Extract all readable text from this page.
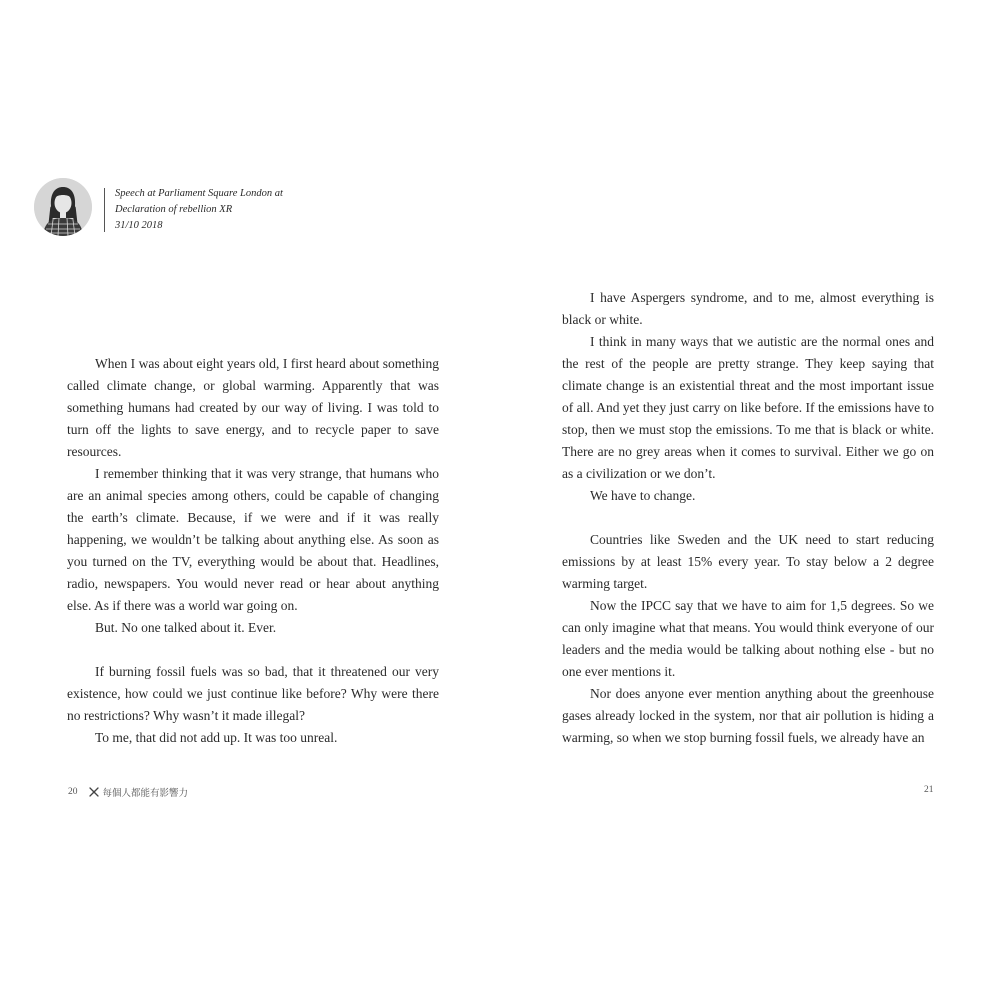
Speech at Parliament Square London at
Declaration of rebellion XR
31/10 2018

When I was about eight years old, I first heard about something called climate change, or global warming. Apparently that was something humans had created by our way of living. I was told to turn off the lights to save energy, and to recycle paper to save resources.

I remember thinking that it was very strange, that humans who are an animal species among others, could be capable of changing the earth’s climate. Because, if we were and if it was really happening, we wouldn’t be talking about anything else. As soon as you turned on the TV, everything would be about that. Headlines, radio, newspapers. You would never read or hear about anything else. As if there was a world war going on.

But. No one talked about it. Ever.

If burning fossil fuels was so bad, that it threatened our very existence, how could we just continue like before? Why were there no restrictions? Why wasn’t it made illegal?

To me, that did not add up. It was too unreal.

20	每個人都能有影響力

I have Aspergers syndrome, and to me, almost everything is black or white.

I think in many ways that we autistic are the normal ones and the rest of the people are pretty strange. They keep saying that climate change is an existential threat and the most important issue of all. And yet they just carry on like before. If the emissions have to stop, then we must stop the emissions. To me that is black or white. There are no grey areas when it comes to survival. Either we go on as a civilization or we don’t.

We have to change.

Countries like Sweden and the UK need to start reducing emissions by at least 15% every year. To stay below a 2 degree warming target.

Now the IPCC say that we have to aim for 1,5 degrees. So we can only imagine what that means. You would think everyone of our leaders and the media would be talking about nothing else - but no one ever mentions it.

Nor does anyone ever mention anything about the greenhouse gases already locked in the system, nor that air pollution is hiding a warming, so when we stop burning fossil fuels, we already have an

21
